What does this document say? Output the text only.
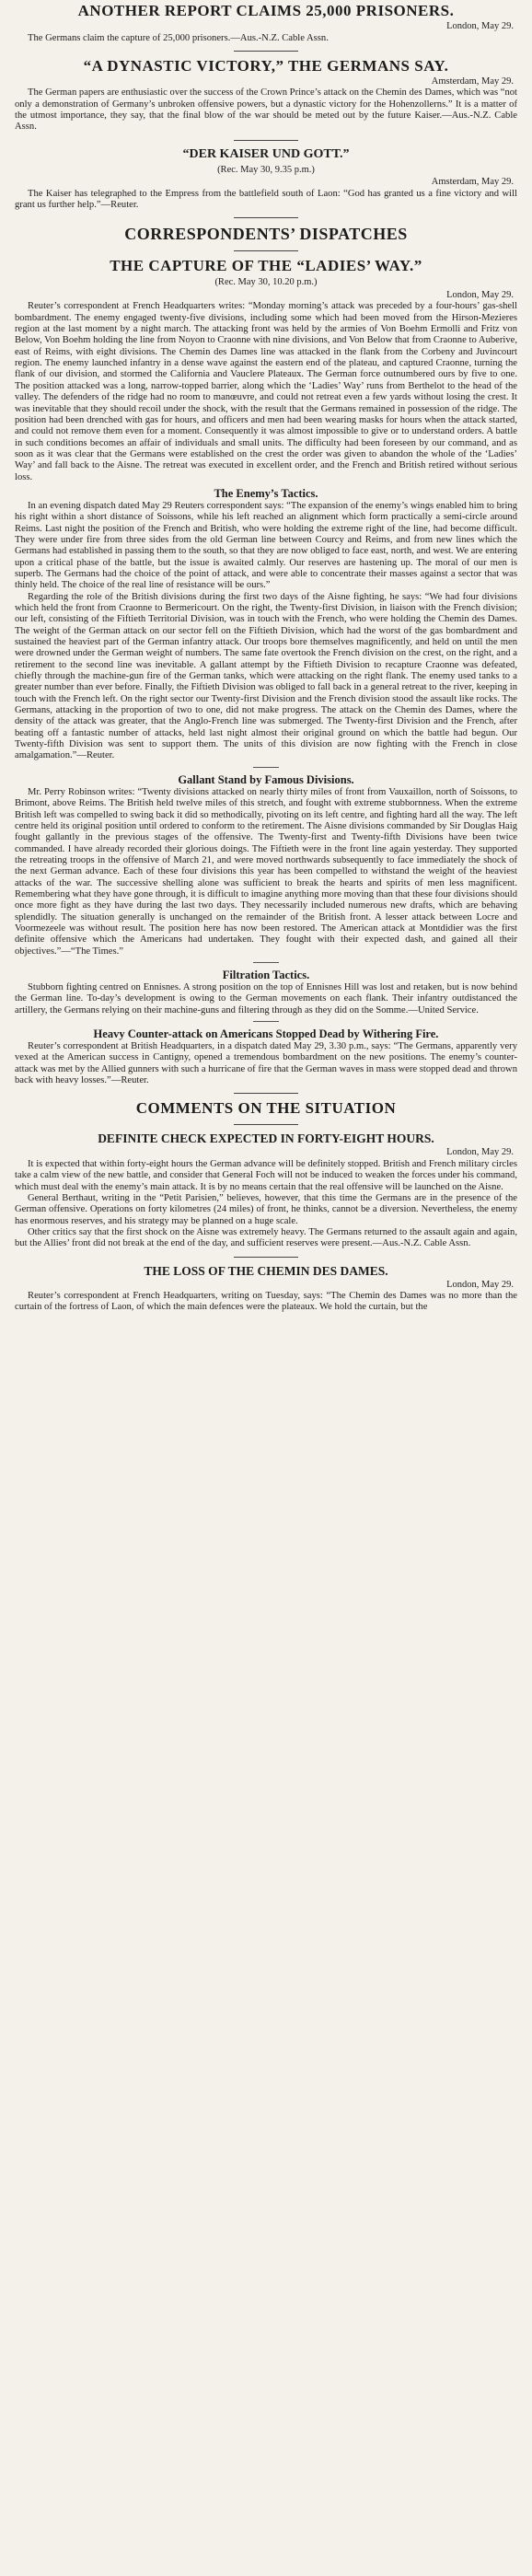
ANOTHER REPORT CLAIMS 25,000 PRISONERS.
London, May 29.

The Germans claim the capture of 25,000 prisoners.—Aus.-N.Z. Cable Assn.

“A DYNASTIC VICTORY,” THE GERMANS SAY.
Amsterdam, May 29.

The German papers are enthusiastic over the success of the Crown Prince’s attack on the Chemin des Dames, which was “not only a demonstration of Germany’s unbroken offensive powers, but a dynastic victory for the Hohenzollerns.” It is a matter of the utmost importance, they say, that the final blow of the war should be meted out by the future Kaiser.—Aus.-N.Z. Cable Assn.

“DER KAISER UND GOTT.”
(Rec. May 30, 9.35 p.m.)
Amsterdam, May 29.

The Kaiser has telegraphed to the Empress from the battlefield south of Laon: “God has granted us a fine victory and will grant us further help.”—Reuter.

CORRESPONDENTS’ DISPATCHES
THE CAPTURE OF THE “LADIES’ WAY.”
(Rec. May 30, 10.20 p.m.)
London, May 29.

Reuter’s correspondent at French Headquarters writes: “Monday morning’s attack was preceded by a four-hours’ gas-shell bombardment. The enemy engaged twenty-five divisions, including some which had been moved from the Hirson-Mezieres region at the last moment by a night march. The attacking front was held by the armies of Von Boehm Ermolli and Fritz von Below, Von Boehm holding the line from Noyon to Craonne with nine divisions, and Von Below that from Craonne to Auberive, east of Reims, with eight divisions. The Chemin des Dames line was attacked in the flank from the Corbeny and Juvincourt region. The enemy launched infantry in a dense wave against the eastern end of the plateau, and captured Craonne, turning the flank of our division, and stormed the California and Vauclere Plateaux. The German force outnumbered ours by five to one. The position attacked was a long, narrow-topped barrier, along which the ‘Ladies’ Way’ runs from Berthelot to the head of the valley. The defenders of the ridge had no room to manœuvre, and could not retreat even a few yards without losing the crest. It was inevitable that they should recoil under the shock, with the result that the Germans remained in possession of the ridge. The position had been drenched with gas for hours, and officers and men had been wearing masks for hours when the attack started, and could not remove them even for a moment. Consequently it was almost impossible to give or to understand orders. A battle in such conditions becomes an affair of individuals and small units. The difficulty had been foreseen by our command, and as soon as it was clear that the Germans were established on the crest the order was given to abandon the whole of the ‘Ladies’ Way’ and fall back to the Aisne. The retreat was executed in excellent order, and the French and British retired without serious loss.

The Enemy’s Tactics.

In an evening dispatch dated May 29 Reuters correspondent says: “The expansion of the enemy’s wings enabled him to bring his right within a short distance of Soissons, while his left reached an alignment which form practically a semi-circle around Reims. Last night the position of the French and British, who were holding the extreme right of the line, had become difficult. They were under fire from three sides from the old German line between Courcy and Reims, and from new lines which the Germans had established in passing them to the south, so that they are now obliged to face east, north, and west. We are entering upon a critical phase of the battle, but the issue is awaited calmly. Our reserves are hastening up. The moral of our men is superb. The Germans had the choice of the point of attack, and were able to concentrate their masses against a sector that was thinly held. The choice of the real line of resistance will be ours.”

Regarding the role of the British divisions during the first two days of the Aisne fighting, he says: “We had four divisions which held the front from Craonne to Bermericourt. On the right, the Twenty-first Division, in liaison with the French division; our left, consisting of the Fiftieth Territorial Division, was in touch with the French, who were holding the Chemin des Dames. The weight of the German attack on our sector fell on the Fiftieth Division, which had the worst of the gas bombardment and sustained the heaviest part of the German infantry attack. Our troops bore themselves magnificently, and held on until the men were drowned under the German weight of numbers. The same fate overtook the French division on the crest, on the right, and a retirement to the second line was inevitable. A gallant attempt by the Fiftieth Division to recapture Craonne was defeated, chiefly through the machine-gun fire of the German tanks, which were attacking on the right flank. The enemy used tanks to a greater number than ever before. Finally, the Fiftieth Division was obliged to fall back in a general retreat to the river, keeping in touch with the French left. On the right sector our Twenty-first Division and the French division stood the assault like rocks. The Germans, attacking in the proportion of two to one, did not make progress. The attack on the Chemin des Dames, where the density of the attack was greater, that the Anglo-French line was submerged. The Twenty-first Division and the French, after beating off a fantastic number of attacks, held last night almost their original ground on which the battle had begun. Our Twenty-fifth Division was sent to support them. The units of this division are now fighting with the French in close amalgamation.”—Reuter.

Gallant Stand by Famous Divisions.

Mr. Perry Robinson writes: “Twenty divisions attacked on nearly thirty miles of front from Vauxaillon, north of Soissons, to Brimont, above Reims. The British held twelve miles of this stretch, and fought with extreme stubbornness. When the extreme British left was compelled to swing back it did so methodically, pivoting on its left centre, and fighting hard all the way. The left centre held its original position until ordered to conform to the retirement. The Aisne divisions commanded by Sir Douglas Haig fought gallantly in the previous stages of the offensive. The Twenty-first and Twenty-fifth Divisions have been twice commanded. I have already recorded their glorious doings. The Fiftieth were in the front line again yesterday. They supported the retreating troops in the offensive of March 21, and were moved northwards subsequently to face immediately the shock of the next German advance. Each of these four divisions this year has been compelled to withstand the weight of the heaviest attacks of the war. The successive shelling alone was sufficient to break the hearts and spirits of men less magnificent. Remembering what they have gone through, it is difficult to imagine anything more moving than that these four divisions should once more fight as they have during the last two days. They necessarily included numerous new drafts, which are behaving splendidly. The situation generally is unchanged on the remainder of the British front. A lesser attack between Locre and Voormezeele was without result. The position here has now been restored. The American attack at Montdidier was the first definite offensive which the Americans had undertaken. They fought with their expected dash, and gained all their objectives.”—“The Times.”

Filtration Tactics.

Stubborn fighting centred on Ennisnes. A strong position on the top of Ennisnes Hill was lost and retaken, but is now behind the German line. To-day’s development is owing to the German movements on each flank. Their infantry outdistanced the artillery, the Germans relying on their machine-guns and filtering through as they did on the Somme.—United Service.

Heavy Counter-attack on Americans Stopped Dead by Withering Fire.

Reuter’s correspondent at British Headquarters, in a dispatch dated May 29, 3.30 p.m., says: “The Germans, apparently very vexed at the American success in Cantigny, opened a tremendous bombardment on the new positions. The enemy’s counter-attack was met by the Allied gunners with such a hurricane of fire that the German waves in mass were stopped dead and thrown back with heavy losses.”—Reuter.

COMMENTS ON THE SITUATION
DEFINITE CHECK EXPECTED IN FORTY-EIGHT HOURS.
London, May 29.

It is expected that within forty-eight hours the German advance will be definitely stopped. British and French military circles take a calm view of the new battle, and consider that General Foch will not be induced to weaken the forces under his command, which must deal with the enemy’s main attack. It is by no means certain that the real offensive will be launched on the Aisne.

General Berthaut, writing in the “Petit Parisien,” believes, however, that this time the Germans are in the presence of the German offensive. Operations on forty kilometres (24 miles) of front, he thinks, cannot be a diversion. Nevertheless, the enemy has enormous reserves, and his strategy may be planned on a huge scale.

Other critics say that the first shock on the Aisne was extremely heavy. The Germans returned to the assault again and again, but the Allies’ front did not break at the end of the day, and sufficient reserves were present.—Aus.-N.Z. Cable Assn.

THE LOSS OF THE CHEMIN DES DAMES.
London, May 29.

Reuter’s correspondent at French Headquarters, writing on Tuesday, says: “The Chemin des Dames was no more than the curtain of the fortress of Laon, of which the main defences were the plateaux. We hold the curtain, but the
